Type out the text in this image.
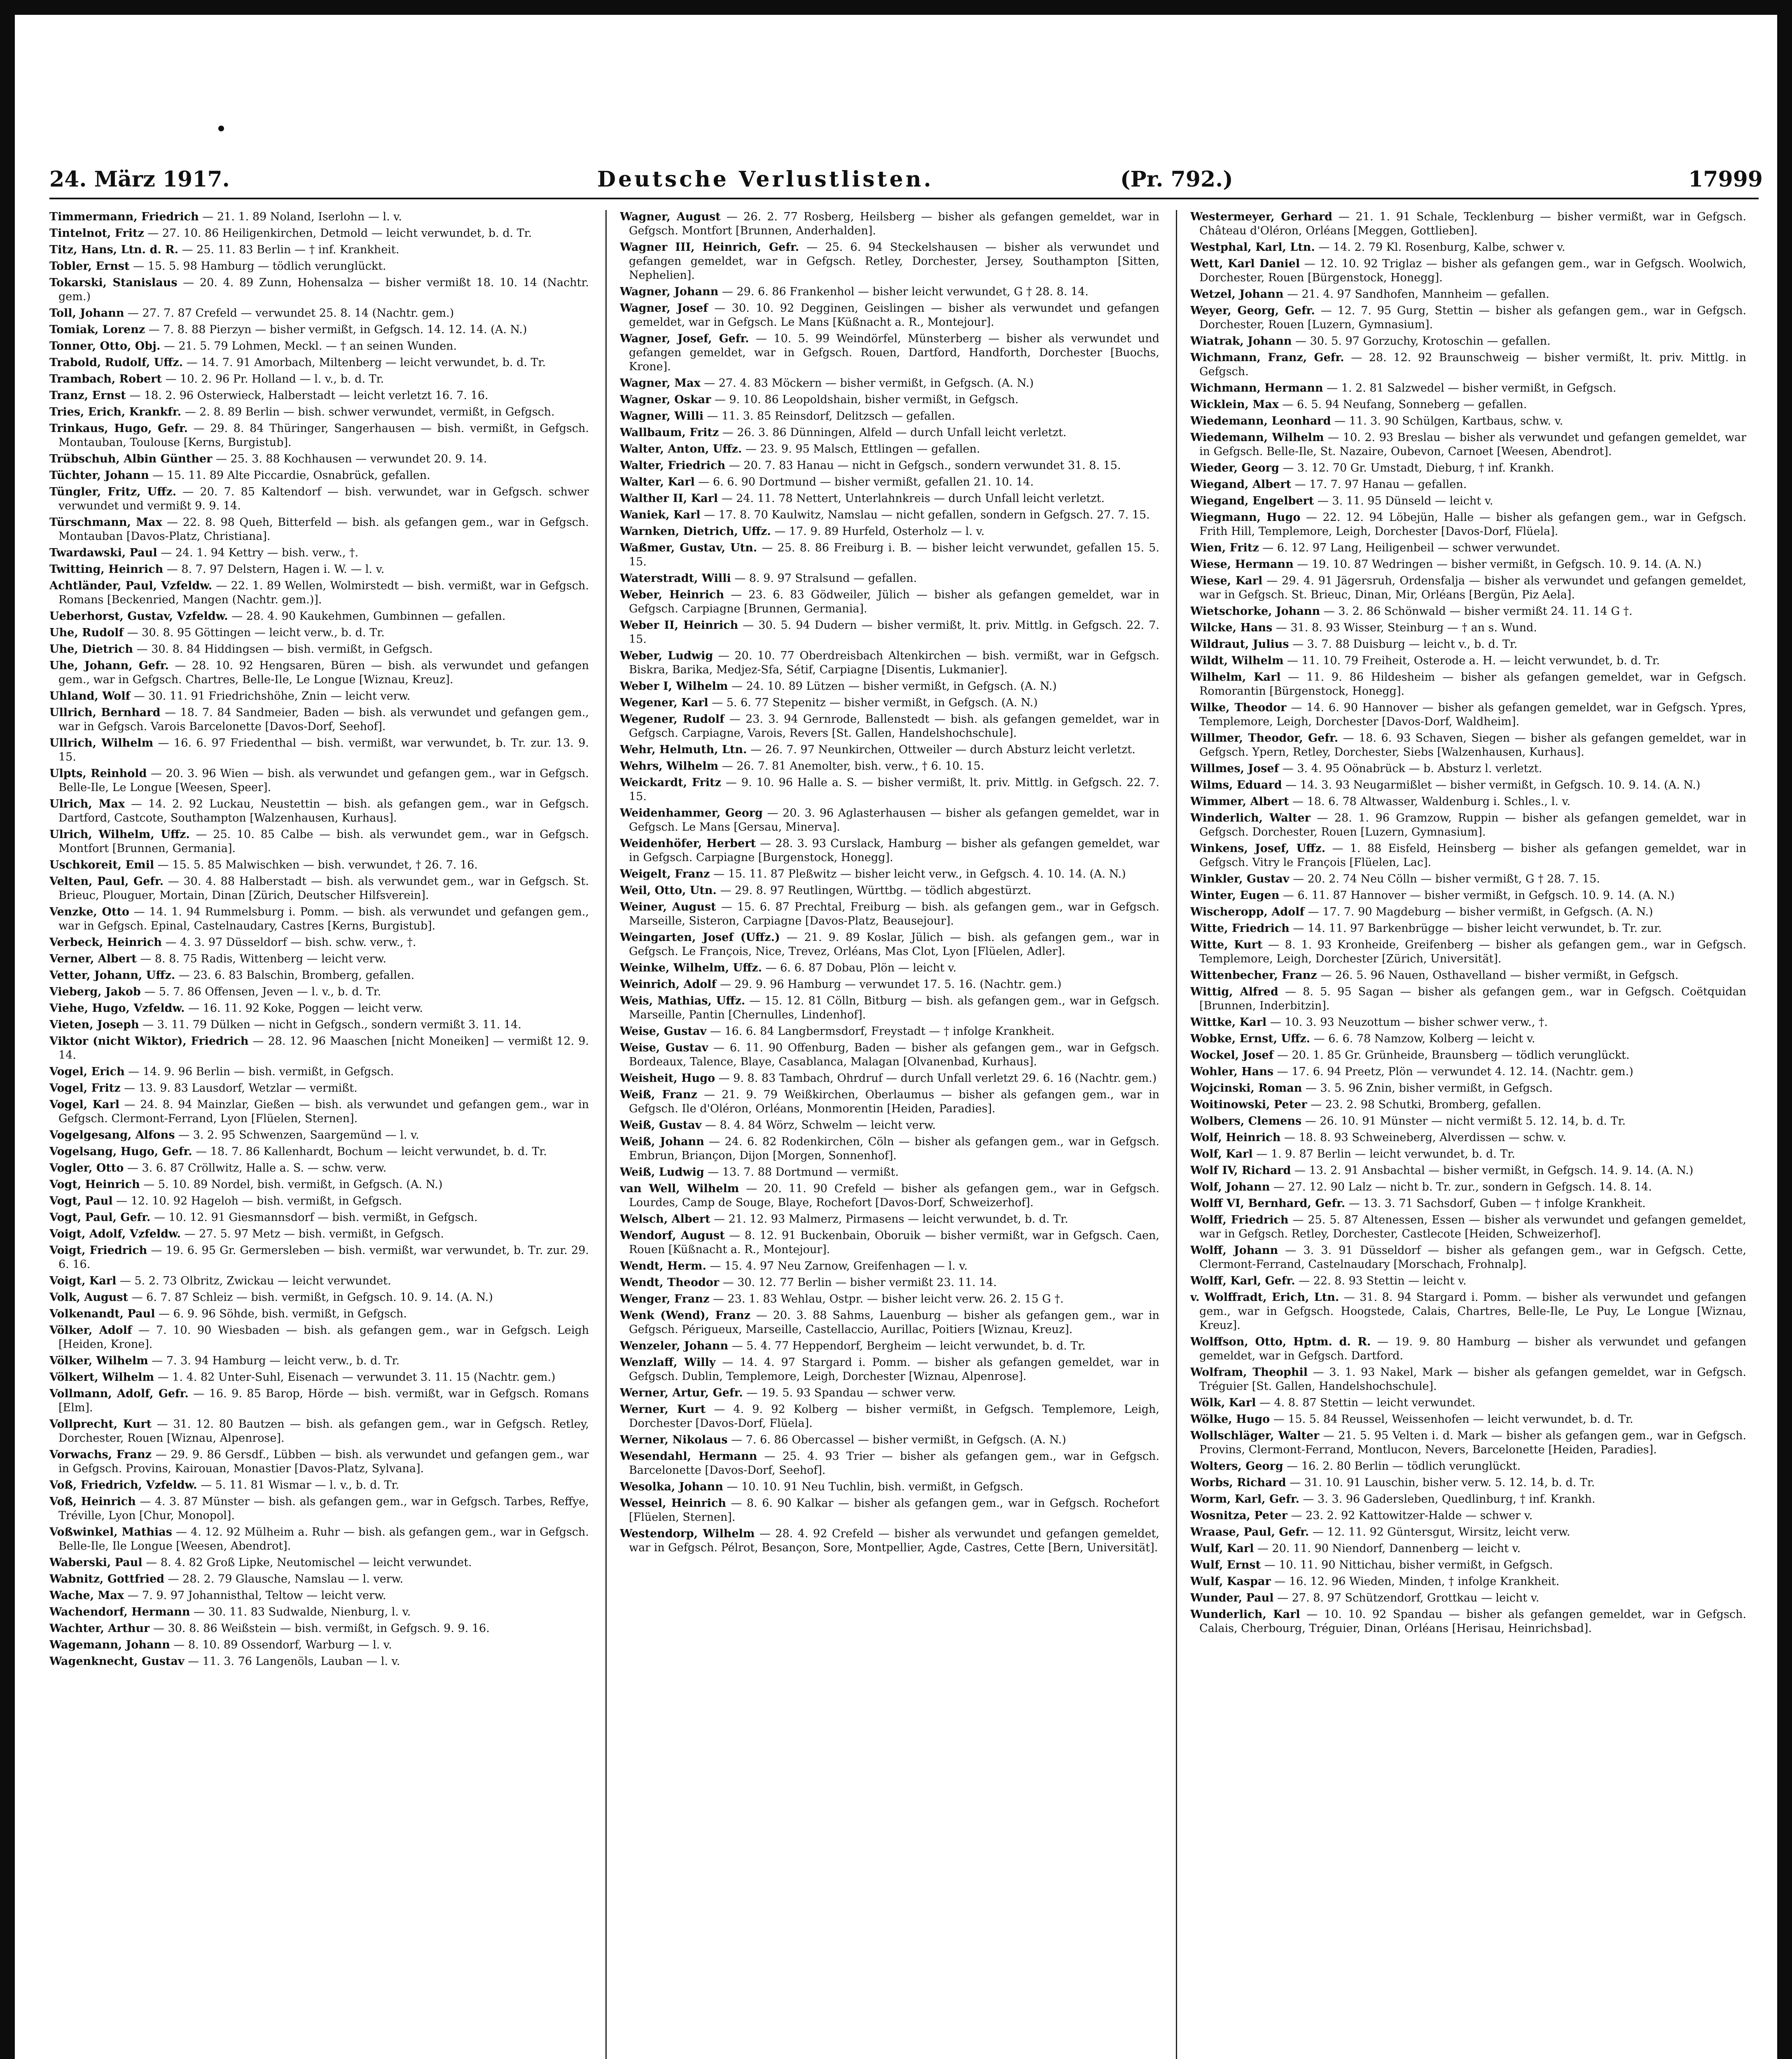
24. März 1917.	Deutsche Verlustlisten.	(Pr. 792.)	17999
Timmermann, Friedrich — 21. 1. 89 Noland, Iserlohn — l. v.
Tintelnot, Fritz — 27. 10. 86 Heiligenkirchen, Detmold — leicht verwundet, b. d. Tr.
Titz, Hans, Ltn. d. R. — 25. 11. 83 Berlin — † inf. Krankheit.
Tobler, Ernst — 15. 5. 98 Hamburg — tödlich verunglückt.
Tokarski, Stanislaus — 20. 4. 89 Zunn, Hohensalza — bisher vermißt 18. 10. 14 (Nachtr. gem.)
Toll, Johann — 27. 7. 87 Crefeld — verwundet 25. 8. 14 (Nachtr. gem.)
Tomiak, Lorenz — 7. 8. 88 Pierzyn — bisher vermißt, in Gefgsch. 14. 12. 14. (A. N.)
Tonner, Otto, Obj. — 21. 5. 79 Lohmen, Meckl. — † an seinen Wunden.
Trabold, Rudolf, Uffz. — 14. 7. 91 Amorbach, Miltenberg — leicht verwundet, b. d. Tr.
Trambach, Robert — 10. 2. 96 Pr. Holland — l. v., b. d. Tr.
Tranz, Ernst — 18. 2. 96 Osterwieck, Halberstadt — leicht verletzt 16. 7. 16.
Tries, Erich, Krankfr. — 2. 8. 89 Berlin — bish. schwer verwundet, vermißt, in Gefgsch.
Trinkaus, Hugo, Gefr. — 29. 8. 84 Thüringer, Sangerhausen — bish. vermißt, in Gefgsch. Montauban, Toulouse [Kerns, Burgistub].
Trübschuh, Albin Günther — 25. 3. 88 Kochhausen — verwundet 20. 9. 14.
Tüchter, Johann — 15. 11. 89 Alte Piccardie, Osnabrück, gefallen.
Tüngler, Fritz, Uffz. — 20. 7. 85 Kaltendorf — bish. verwundet, war in Gefgsch. schwer verwundet und vermißt 9. 9. 14.
Türschmann, Max — 22. 8. 98 Queh, Bitterfeld — bish. als gefangen gem., war in Gefgsch. Montauban [Davos-Platz, Christiana].
Twardawski, Paul — 24. 1. 94 Kettry — bish. verw., †.
Twitting, Heinrich — 8. 7. 97 Delstern, Hagen i. W. — l. v.
Achtländer, Paul, Vzfeldw. — 22. 1. 89 Wellen, Wolmirstedt — bish. vermißt, war in Gefgsch. Romans [Beckenried, Mangen (Nachtr. gem.)].
Ueberhorst, Gustav, Vzfeldw. — 28. 4. 90 Kaukehmen, Gumbinnen — gefallen.
Uhe, Rudolf — 30. 8. 95 Göttingen — leicht verw., b. d. Tr.
Uhe, Dietrich — 30. 8. 84 Hiddingsen — bish. vermißt, in Gefgsch.
Uhe, Johann, Gefr. — 28. 10. 92 Hengsaren, Büren — bish. als verwundet und gefangen gem., war in Gefgsch. Chartres, Belle-Ile, Le Longue [Wiznau, Kreuz].
Uhland, Wolf — 30. 11. 91 Friedrichshöhe, Znin — leicht verw.
Ullrich, Bernhard — 18. 7. 84 Sandmeier, Baden — bish. als verwundet und gefangen gem., war in Gefgsch. Varois Barcelonette [Davos-Dorf, Seehof].
Ullrich, Wilhelm — 16. 6. 97 Friedenthal — bish. vermißt, war verwundet, b. Tr. zur. 13. 9. 15.
Ulpts, Reinhold — 20. 3. 96 Wien — bish. als verwundet und gefangen gem., war in Gefgsch. Belle-Ile, Le Longue [Weesen, Speer].
Ulrich, Max — 14. 2. 92 Luckau, Neustettin — bish. als gefangen gem., war in Gefgsch. Dartford, Castcote, Southampton [Walzenhausen, Kurhaus].
Ulrich, Wilhelm, Uffz. — 25. 10. 85 Calbe — bish. als verwundet gem., war in Gefgsch. Montfort [Brunnen, Germania].
Uschkoreit, Emil — 15. 5. 85 Malwischken — bish. verwundet, † 26. 7. 16.
Velten, Paul, Gefr. — 30. 4. 88 Halberstadt — bish. als verwundet gem., war in Gefgsch. St. Brieuc, Plouguer, Mortain, Dinan [Zürich, Deutscher Hilfsverein].
Venzke, Otto — 14. 1. 94 Rummelsburg i. Pomm. — bish. als verwundet und gefangen gem., war in Gefgsch. Epinal, Castelnaudary, Castres [Kerns, Burgistub].
Verbeck, Heinrich — 4. 3. 97 Düsseldorf — bish. schw. verw., †.
Verner, Albert — 8. 8. 75 Radis, Wittenberg — leicht verw.
Vetter, Johann, Uffz. — 23. 6. 83 Balschin, Bromberg, gefallen.
Vieberg, Jakob — 5. 7. 86 Offensen, Jeven — l. v., b. d. Tr.
Viehe, Hugo, Vzfeldw. — 16. 11. 92 Koke, Poggen — leicht verw.
Vieten, Joseph — 3. 11. 79 Dülken — nicht in Gefgsch., sondern vermißt 3. 11. 14.
Viktor (nicht Wiktor), Friedrich — 28. 12. 96 Maaschen [nicht Moneiken] — vermißt 12. 9. 14.
Vogel, Erich — 14. 9. 96 Berlin — bish. vermißt, in Gefgsch.
Vogel, Fritz — 13. 9. 83 Lausdorf, Wetzlar — vermißt.
Vogel, Karl — 24. 8. 94 Mainzlar, Gießen — bish. als verwundet und gefangen gem., war in Gefgsch. Clermont-Ferrand, Lyon [Flüelen, Sternen].
Vogelgesang, Alfons — 3. 2. 95 Schwenzen, Saargemünd — l. v.
Vogelsang, Hugo, Gefr. — 18. 7. 86 Kallenhardt, Bochum — leicht verwundet, b. d. Tr.
Vogler, Otto — 3. 6. 87 Cröllwitz, Halle a. S. — schw. verw.
Vogt, Heinrich — 5. 10. 89 Nordel, bish. vermißt, in Gefgsch. (A. N.)
Vogt, Paul — 12. 10. 92 Hageloh — bish. vermißt, in Gefgsch.
Vogt, Paul, Gefr. — 10. 12. 91 Giesmannsdorf — bish. vermißt, in Gefgsch.
Voigt, Adolf, Vzfeldw. — 27. 5. 97 Metz — bish. vermißt, in Gefgsch.
Voigt, Friedrich — 19. 6. 95 Gr. Germersleben — bish. vermißt, war verwundet, b. Tr. zur. 29. 6. 16.
Voigt, Karl — 5. 2. 73 Olbritz, Zwickau — leicht verwundet.
Volk, August — 6. 7. 87 Schleiz — bish. vermißt, in Gefgsch. 10. 9. 14. (A. N.)
Volkenandt, Paul — 6. 9. 96 Söhde, bish. vermißt, in Gefgsch.
Völker, Adolf — 7. 10. 90 Wiesbaden — bish. als gefangen gem., war in Gefgsch. Leigh [Heiden, Krone].
Völker, Wilhelm — 7. 3. 94 Hamburg — leicht verw., b. d. Tr.
Völkert, Wilhelm — 1. 4. 82 Unter-Suhl, Eisenach — verwundet 3. 11. 15 (Nachtr. gem.)
Vollmann, Adolf, Gefr. — 16. 9. 85 Barop, Hörde — bish. vermißt, war in Gefgsch. Romans [Elm].
Vollprecht, Kurt — 31. 12. 80 Bautzen — bish. als gefangen gem., war in Gefgsch. Retley, Dorchester, Rouen [Wiznau, Alpenrose].
Vorwachs, Franz — 29. 9. 86 Gersdf., Lübben — bish. als verwundet und gefangen gem., war in Gefgsch. Provins, Kairouan, Monastier [Davos-Platz, Sylvana].
Voß, Friedrich, Vzfeldw. — 5. 11. 81 Wismar — l. v., b. d. Tr.
Voß, Heinrich — 4. 3. 87 Münster — bish. als gefangen gem., war in Gefgsch. Tarbes, Reffye, Tréville, Lyon [Chur, Monopol].
Voßwinkel, Mathias — 4. 12. 92 Mülheim a. Ruhr — bish. als gefangen gem., war in Gefgsch. Belle-Ile, Ile Longue [Weesen, Abendrot].
Waberski, Paul — 8. 4. 82 Groß Lipke, Neutomischel — leicht verwundet.
Wabnitz, Gottfried — 28. 2. 79 Glausche, Namslau — l. verw.
Wache, Max — 7. 9. 97 Johannisthal, Teltow — leicht verw.
Wachendorf, Hermann — 30. 11. 83 Sudwalde, Nienburg, l. v.
Wachter, Arthur — 30. 8. 86 Weißstein — bish. vermißt, in Gefgsch. 9. 9. 16.
Wagemann, Johann — 8. 10. 89 Ossendorf, Warburg — l. v.
Wagenknecht, Gustav — 11. 3. 76 Langenöls, Lauban — l. v.
Wagner, August — 26. 2. 77 Rosberg, Heilsberg — bisher als gefangen gemeldet, war in Gefgsch. Montfort [Brunnen, Anderhalden].
Wagner III, Heinrich, Gefr. — 25. 6. 94 Steckelshausen — bisher als verwundet und gefangen gemeldet, war in Gefgsch. Retley, Dorchester, Jersey, Southampton [Sitten, Nephelien].
Wagner, Johann — 29. 6. 86 Frankenhol — bisher leicht verwundet, G † 28. 8. 14.
Wagner, Josef — 30. 10. 92 Degginen, Geislingen — bisher als verwundet und gefangen gemeldet, war in Gefgsch. Le Mans [Küßnacht a. R., Montejour].
Wagner, Josef, Gefr. — 10. 5. 99 Weindörfel, Münsterberg — bisher als verwundet und gefangen gemeldet, war in Gefgsch. Rouen, Dartford, Handforth, Dorchester [Buochs, Krone].
Wagner, Max — 27. 4. 83 Möckern — bisher vermißt, in Gefgsch. (A. N.)
Wagner, Oskar — 9. 10. 86 Leopoldshain, bisher vermißt, in Gefgsch.
Wagner, Willi — 11. 3. 85 Reinsdorf, Delitzsch — gefallen.
Wallbaum, Fritz — 26. 3. 86 Dünningen, Alfeld — durch Unfall leicht verletzt.
Walter, Anton, Uffz. — 23. 9. 95 Malsch, Ettlingen — gefallen.
Walter, Friedrich — 20. 7. 83 Hanau — nicht in Gefgsch., sondern verwundet 31. 8. 15.
Walter, Karl — 6. 6. 90 Dortmund — bisher vermißt, gefallen 21. 10. 14.
Walther II, Karl — 24. 11. 78 Nettert, Unterlahnkreis — durch Unfall leicht verletzt.
Waniek, Karl — 17. 8. 70 Kaulwitz, Namslau — nicht gefallen, sondern in Gefgsch. 27. 7. 15.
Warnken, Dietrich, Uffz. — 17. 9. 89 Hurfeld, Osterholz — l. v.
Waßmer, Gustav, Utn. — 25. 8. 86 Freiburg i. B. — bisher leicht verwundet, gefallen 15. 5. 15.
Waterstradt, Willi — 8. 9. 97 Stralsund — gefallen.
Weber, Heinrich — 23. 6. 83 Gödweiler, Jülich — bisher als gefangen gemeldet, war in Gefgsch. Carpiagne [Brunnen, Germania].
Weber II, Heinrich — 30. 5. 94 Dudern — bisher vermißt, lt. priv. Mittlg. in Gefgsch. 22. 7. 15.
Weber, Ludwig — 20. 10. 77 Oberdreisbach Altenkirchen — bish. vermißt, war in Gefgsch. Biskra, Barika, Medjez-Sfa, Sétif, Carpiagne [Disentis, Lukmanier].
Weber I, Wilhelm — 24. 10. 89 Lützen — bisher vermißt, in Gefgsch. (A. N.)
Wegener, Karl — 5. 6. 77 Stepenitz — bisher vermißt, in Gefgsch. (A. N.)
Wegener, Rudolf — 23. 3. 94 Gernrode, Ballenstedt — bish. als gefangen gemeldet, war in Gefgsch. Carpiagne, Varois, Revers [St. Gallen, Handelshochschule].
Wehr, Helmuth, Ltn. — 26. 7. 97 Neunkirchen, Ottweiler — durch Absturz leicht verletzt.
Wehrs, Wilhelm — 26. 7. 81 Anemolter, bish. verw., † 6. 10. 15.
Weickardt, Fritz — 9. 10. 96 Halle a. S. — bisher vermißt, lt. priv. Mittlg. in Gefgsch. 22. 7. 15.
Weidenhammer, Georg — 20. 3. 96 Aglasterhausen — bisher als gefangen gemeldet, war in Gefgsch. Le Mans [Gersau, Minerva].
Weidenhöfer, Herbert — 28. 3. 93 Curslack, Hamburg — bisher als gefangen gemeldet, war in Gefgsch. Carpiagne [Burgenstock, Honegg].
Weigelt, Franz — 15. 11. 87 Pleßwitz — bisher leicht verw., in Gefgsch. 4. 10. 14. (A. N.)
Weil, Otto, Utn. — 29. 8. 97 Reutlingen, Württbg. — tödlich abgestürzt.
Weiner, August — 15. 6. 87 Prechtal, Freiburg — bish. als gefangen gem., war in Gefgsch. Marseille, Sisteron, Carpiagne [Davos-Platz, Beausejour].
Weingarten, Josef (Uffz.) — 21. 9. 89 Koslar, Jülich — bish. als gefangen gem., war in Gefgsch. Le François, Nice, Trevez, Orléans, Mas Clot, Lyon [Flüelen, Adler].
Weinke, Wilhelm, Uffz. — 6. 6. 87 Dobau, Plön — leicht v.
Weinrich, Adolf — 29. 9. 96 Hamburg — verwundet 17. 5. 16. (Nachtr. gem.)
Weis, Mathias, Uffz. — 15. 12. 81 Cölln, Bitburg — bish. als gefangen gem., war in Gefgsch. Marseille, Pantin [Chernulles, Lindenhof].
Weise, Gustav — 16. 6. 84 Langbermsdorf, Freystadt — † infolge Krankheit.
Weise, Gustav — 6. 11. 90 Offenburg, Baden — bisher als gefangen gem., war in Gefgsch. Bordeaux, Talence, Blaye, Casablanca, Malagan [Olvanenbad, Kurhaus].
Weisheit, Hugo — 9. 8. 83 Tambach, Ohrdruf — durch Unfall verletzt 29. 6. 16 (Nachtr. gem.)
Weiß, Franz — 21. 9. 79 Weißkirchen, Oberlaumus — bisher als gefangen gem., war in Gefgsch. Ile d'Oléron, Orléans, Monmorentin [Heiden, Paradies].
Weiß, Gustav — 8. 4. 84 Wörz, Schwelm — leicht verw.
Weiß, Johann — 24. 6. 82 Rodenkirchen, Cöln — bisher als gefangen gem., war in Gefgsch. Embrun, Briançon, Dijon [Morgen, Sonnenhof].
Weiß, Ludwig — 13. 7. 88 Dortmund — vermißt.
van Well, Wilhelm — 20. 11. 90 Crefeld — bisher als gefangen gem., war in Gefgsch. Lourdes, Camp de Souge, Blaye, Rochefort [Davos-Dorf, Schweizerhof].
Welsch, Albert — 21. 12. 93 Malmerz, Pirmasens — leicht verwundet, b. d. Tr.
Wendorf, August — 8. 12. 91 Buckenbain, Oboruik — bisher vermißt, war in Gefgsch. Caen, Rouen [Küßnacht a. R., Montejour].
Wendt, Herm. — 15. 4. 97 Neu Zarnow, Greifenhagen — l. v.
Wendt, Theodor — 30. 12. 77 Berlin — bisher vermißt 23. 11. 14.
Wenger, Franz — 23. 1. 83 Wehlau, Ostpr. — bisher leicht verw. 26. 2. 15 G †.
Wenk (Wend), Franz — 20. 3. 88 Sahms, Lauenburg — bisher als gefangen gem., war in Gefgsch. Périgueux, Marseille, Castellaccio, Aurillac, Poitiers [Wiznau, Kreuz].
Wenzeler, Johann — 5. 4. 77 Heppendorf, Bergheim — leicht verwundet, b. d. Tr.
Wenzlaff, Willy — 14. 4. 97 Stargard i. Pomm. — bisher als gefangen gemeldet, war in Gefgsch. Dublin, Templemore, Leigh, Dorchester [Wiznau, Alpenrose].
Werner, Artur, Gefr. — 19. 5. 93 Spandau — schwer verw.
Werner, Kurt — 4. 9. 92 Kolberg — bisher vermißt, in Gefgsch. Templemore, Leigh, Dorchester [Davos-Dorf, Flüela].
Werner, Nikolaus — 7. 6. 86 Obercassel — bisher vermißt, in Gefgsch. (A. N.)
Wesendahl, Hermann — 25. 4. 93 Trier — bisher als gefangen gem., war in Gefgsch. Barcelonette [Davos-Dorf, Seehof].
Wesolka, Johann — 10. 10. 91 Neu Tuchlin, bish. vermißt, in Gefgsch.
Wessel, Heinrich — 8. 6. 90 Kalkar — bisher als gefangen gem., war in Gefgsch. Rochefort [Flüelen, Sternen].
Westendorp, Wilhelm — 28. 4. 92 Crefeld — bisher als verwundet und gefangen gemeldet, war in Gefgsch. Pélrot, Besançon, Sore, Montpellier, Agde, Castres, Cette [Bern, Universität].
Westermeyer, Gerhard — 21. 1. 91 Schale, Tecklenburg — bisher vermißt, war in Gefgsch. Château d'Oléron, Orléans [Meggen, Gottlieben].
Westphal, Karl, Ltn. — 14. 2. 79 Kl. Rosenburg, Kalbe, schwer v.
Wett, Karl Daniel — 12. 10. 92 Triglaz — bisher als gefangen gem., war in Gefgsch. Woolwich, Dorchester, Rouen [Bürgenstock, Honegg].
Wetzel, Johann — 21. 4. 97 Sandhofen, Mannheim — gefallen.
Weyer, Georg, Gefr. — 12. 7. 95 Gurg, Stettin — bisher als gefangen gem., war in Gefgsch. Dorchester, Rouen [Luzern, Gymnasium].
Wiatrak, Johann — 30. 5. 97 Gorzuchy, Krotoschin — gefallen.
Wichmann, Franz, Gefr. — 28. 12. 92 Braunschweig — bisher vermißt, lt. priv. Mittlg. in Gefgsch.
Wichmann, Hermann — 1. 2. 81 Salzwedel — bisher vermißt, in Gefgsch.
Wicklein, Max — 6. 5. 94 Neufang, Sonneberg — gefallen.
Wiedemann, Leonhard — 11. 3. 90 Schülgen, Kartbaus, schw. v.
Wiedemann, Wilhelm — 10. 2. 93 Breslau — bisher als verwundet und gefangen gemeldet, war in Gefgsch. Belle-Ile, St. Nazaire, Oubevon, Carnoet [Weesen, Abendrot].
Wieder, Georg — 3. 12. 70 Gr. Umstadt, Dieburg, † inf. Krankh.
Wiegand, Albert — 17. 7. 97 Hanau — gefallen.
Wiegand, Engelbert — 3. 11. 95 Dünseld — leicht v.
Wiegmann, Hugo — 22. 12. 94 Löbejün, Halle — bisher als gefangen gem., war in Gefgsch. Frith Hill, Templemore, Leigh, Dorchester [Davos-Dorf, Flüela].
Wien, Fritz — 6. 12. 97 Lang, Heiligenbeil — schwer verwundet.
Wiese, Hermann — 19. 10. 87 Wedringen — bisher vermißt, in Gefgsch. 10. 9. 14. (A. N.)
Wiese, Karl — 29. 4. 91 Jägersruh, Ordensfalja — bisher als verwundet und gefangen gemeldet, war in Gefgsch. St. Brieuc, Dinan, Mir, Orléans [Bergün, Piz Aela].
Wietschorke, Johann — 3. 2. 86 Schönwald — bisher vermißt 24. 11. 14 G †.
Wilcke, Hans — 31. 8. 93 Wisser, Steinburg — † an s. Wund.
Wildraut, Julius — 3. 7. 88 Duisburg — leicht v., b. d. Tr.
Wildt, Wilhelm — 11. 10. 79 Freiheit, Osterode a. H. — leicht verwundet, b. d. Tr.
Wilhelm, Karl — 11. 9. 86 Hildesheim — bisher als gefangen gemeldet, war in Gefgsch. Romorantin [Bürgenstock, Honegg].
Wilke, Theodor — 14. 6. 90 Hannover — bisher als gefangen gemeldet, war in Gefgsch. Ypres, Templemore, Leigh, Dorchester [Davos-Dorf, Waldheim].
Willmer, Theodor, Gefr. — 18. 6. 93 Schaven, Siegen — bisher als gefangen gemeldet, war in Gefgsch. Ypern, Retley, Dorchester, Siebs [Walzenhausen, Kurhaus].
Willmes, Josef — 3. 4. 95 Oönabrück — b. Absturz l. verletzt.
Wilms, Eduard — 14. 3. 93 Neugarmißlet — bisher vermißt, in Gefgsch. 10. 9. 14. (A. N.)
Wimmer, Albert — 18. 6. 78 Altwasser, Waldenburg i. Schles., l. v.
Winderlich, Walter — 28. 1. 96 Gramzow, Ruppin — bisher als gefangen gemeldet, war in Gefgsch. Dorchester, Rouen [Luzern, Gymnasium].
Winkens, Josef, Uffz. — 1. 88 Eisfeld, Heinsberg — bisher als gefangen gemeldet, war in Gefgsch. Vitry le François [Flüelen, Lac].
Winkler, Gustav — 20. 2. 74 Neu Cölln — bisher vermißt, G † 28. 7. 15.
Winter, Eugen — 6. 11. 87 Hannover — bisher vermißt, in Gefgsch. 10. 9. 14. (A. N.)
Wischeropp, Adolf — 17. 7. 90 Magdeburg — bisher vermißt, in Gefgsch. (A. N.)
Witte, Friedrich — 14. 11. 97 Barkenbrügge — bisher leicht verwundet, b. Tr. zur.
Witte, Kurt — 8. 1. 93 Kronheide, Greifenberg — bisher als gefangen gem., war in Gefgsch. Templemore, Leigh, Dorchester [Zürich, Universität].
Wittenbecher, Franz — 26. 5. 96 Nauen, Osthavelland — bisher vermißt, in Gefgsch.
Wittig, Alfred — 8. 5. 95 Sagan — bisher als gefangen gem., war in Gefgsch. Coëtquidan [Brunnen, Inderbitzin].
Wittke, Karl — 10. 3. 93 Neuzottum — bisher schwer verw., †.
Wobke, Ernst, Uffz. — 6. 6. 78 Namzow, Kolberg — leicht v.
Wockel, Josef — 20. 1. 85 Gr. Grünheide, Braunsberg — tödlich verunglückt.
Wohler, Hans — 17. 6. 94 Preetz, Plön — verwundet 4. 12. 14. (Nachtr. gem.)
Wojcinski, Roman — 3. 5. 96 Znin, bisher vermißt, in Gefgsch.
Woitinowski, Peter — 23. 2. 98 Schutki, Bromberg, gefallen.
Wolbers, Clemens — 26. 10. 91 Münster — nicht vermißt 5. 12. 14, b. d. Tr.
Wolf, Heinrich — 18. 8. 93 Schweineberg, Alverdissen — schw. v.
Wolf, Karl — 1. 9. 87 Berlin — leicht verwundet, b. d. Tr.
Wolf IV, Richard — 13. 2. 91 Ansbachtal — bisher vermißt, in Gefgsch. 14. 9. 14. (A. N.)
Wolf, Johann — 27. 12. 90 Lalz — nicht b. Tr. zur., sondern in Gefgsch. 14. 8. 14.
Wolff VI, Bernhard, Gefr. — 13. 3. 71 Sachsdorf, Guben — † infolge Krankheit.
Wolff, Friedrich — 25. 5. 87 Altenessen, Essen — bisher als verwundet und gefangen gemeldet, war in Gefgsch. Retley, Dorchester, Castlecote [Heiden, Schweizerhof].
Wolff, Johann — 3. 3. 91 Düsseldorf — bisher als gefangen gem., war in Gefgsch. Cette, Clermont-Ferrand, Castelnaudary [Morschach, Frohnalp].
Wolff, Karl, Gefr. — 22. 8. 93 Stettin — leicht v.
v. Wolffradt, Erich, Ltn. — 31. 8. 94 Stargard i. Pomm. — bisher als verwundet und gefangen gem., war in Gefgsch. Hoogstede, Calais, Chartres, Belle-Ile, Le Puy, Le Longue [Wiznau, Kreuz].
Wolffson, Otto, Hptm. d. R. — 19. 9. 80 Hamburg — bisher als verwundet und gefangen gemeldet, war in Gefgsch. Dartford.
Wolfram, Theophil — 3. 1. 93 Nakel, Mark — bisher als gefangen gemeldet, war in Gefgsch. Tréguier [St. Gallen, Handelshochschule].
Wölk, Karl — 4. 8. 87 Stettin — leicht verwundet.
Wölke, Hugo — 15. 5. 84 Reussel, Weissenhofen — leicht verwundet, b. d. Tr.
Wollschläger, Walter — 21. 5. 95 Velten i. d. Mark — bisher als gefangen gem., war in Gefgsch. Provins, Clermont-Ferrand, Montlucon, Nevers, Barcelonette [Heiden, Paradies].
Wolters, Georg — 16. 2. 80 Berlin — tödlich verunglückt.
Worbs, Richard — 31. 10. 91 Lauschin, bisher verw. 5. 12. 14, b. d. Tr.
Worm, Karl, Gefr. — 3. 3. 96 Gadersleben, Quedlinburg, † inf. Krankh.
Wosnitza, Peter — 23. 2. 92 Kattowitzer-Halde — schwer v.
Wraase, Paul, Gefr. — 12. 11. 92 Güntersgut, Wirsitz, leicht verw.
Wulf, Karl — 20. 11. 90 Niendorf, Dannenberg — leicht v.
Wulf, Ernst — 10. 11. 90 Nittichau, bisher vermißt, in Gefgsch.
Wulf, Kaspar — 16. 12. 96 Wieden, Minden, † infolge Krankheit.
Wunder, Paul — 27. 8. 97 Schützendorf, Grottkau — leicht v.
Wunderlich, Karl — 10. 10. 92 Spandau — bisher als gefangen gemeldet, war in Gefgsch. Calais, Cherbourg, Tréguier, Dinan, Orléans [Herisau, Heinrichsbad].
